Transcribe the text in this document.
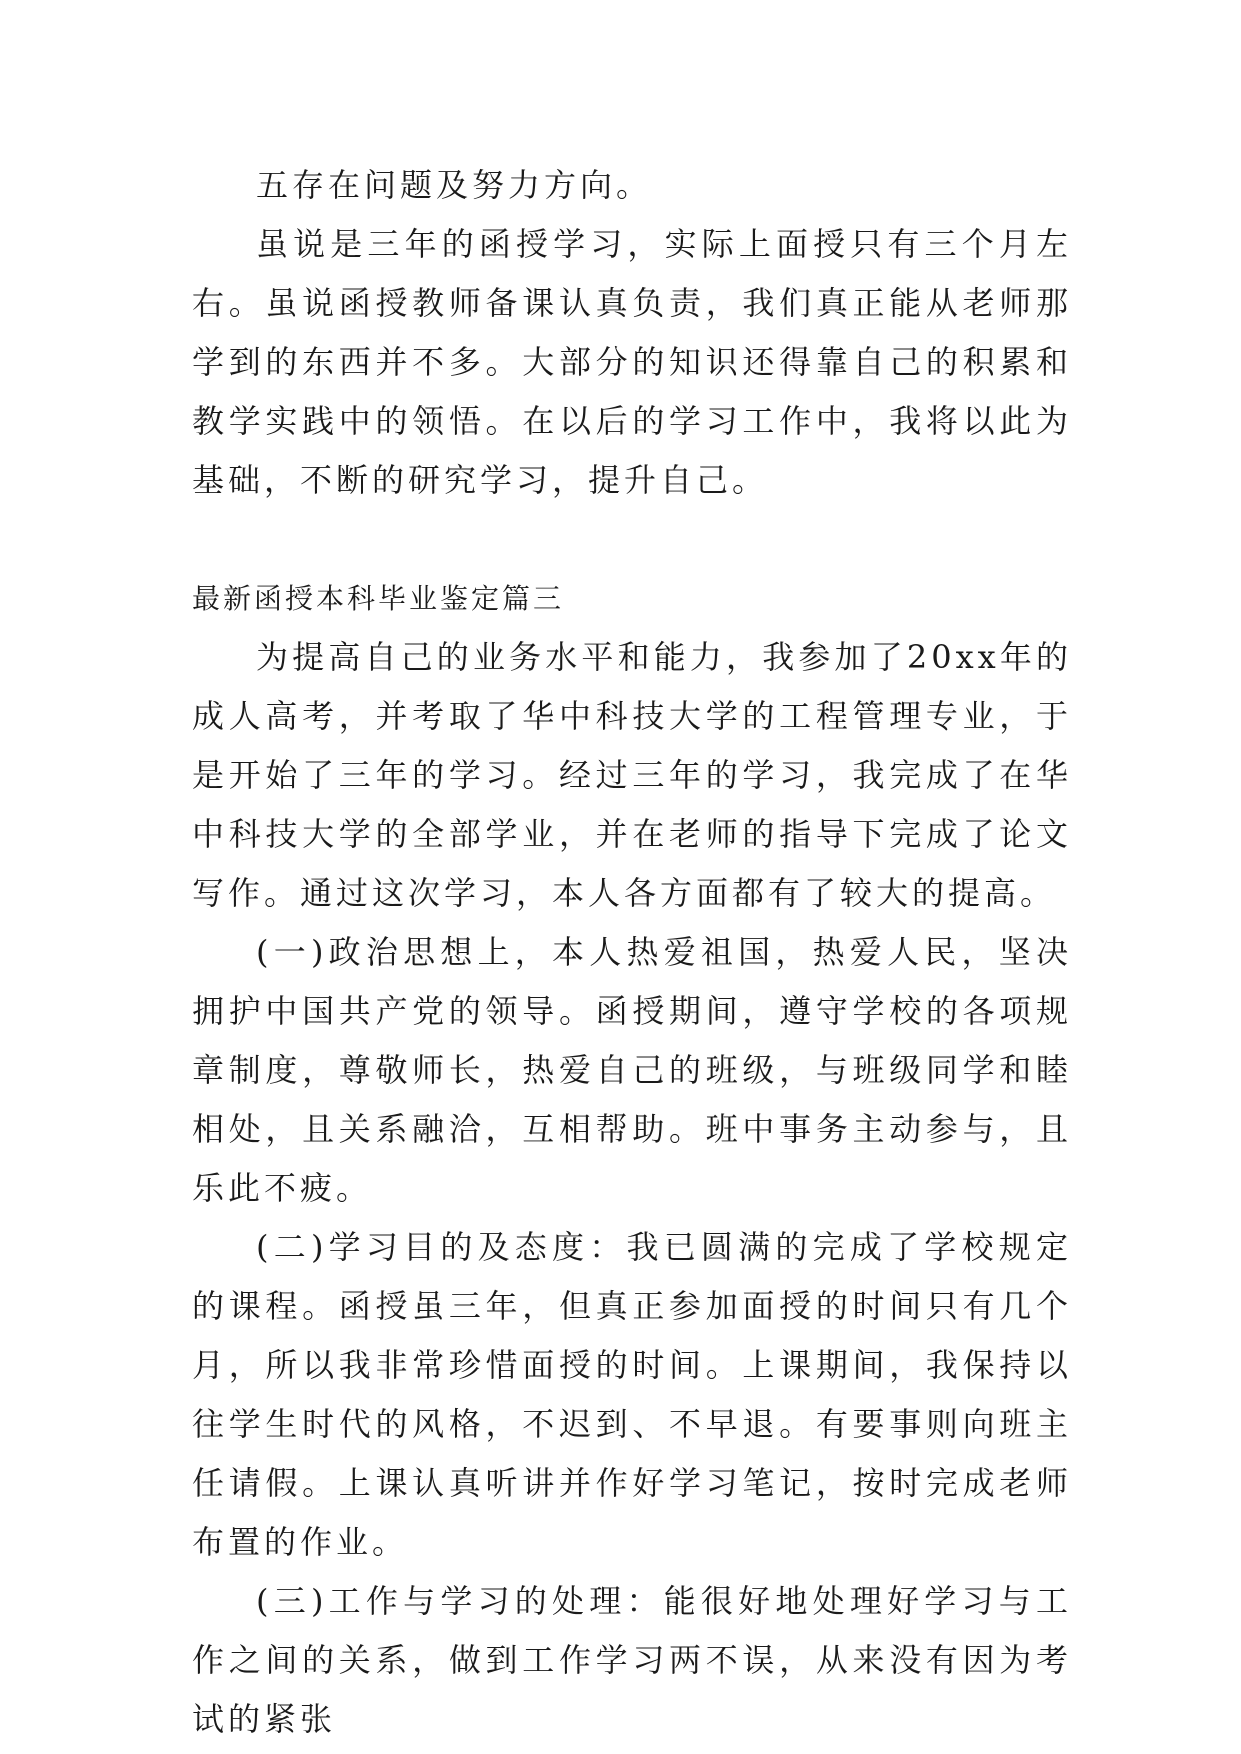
五存在问题及努力方向。

虽说是三年的函授学习，实际上面授只有三个月左右。虽说函授教师备课认真负责，我们真正能从老师那学到的东西并不多。大部分的知识还得靠自己的积累和教学实践中的领悟。在以后的学习工作中，我将以此为基础，不断的研究学习，提升自己。

最新函授本科毕业鉴定篇三

为提高自己的业务水平和能力，我参加了20xx年的成人高考，并考取了华中科技大学的工程管理专业，于是开始了三年的学习。经过三年的学习，我完成了在华中科技大学的全部学业，并在老师的指导下完成了论文写作。通过这次学习，本人各方面都有了较大的提高。

(一)政治思想上，本人热爱祖国，热爱人民，坚决拥护中国共产党的领导。函授期间，遵守学校的各项规章制度，尊敬师长，热爱自己的班级，与班级同学和睦相处，且关系融洽，互相帮助。班中事务主动参与，且乐此不疲。

(二)学习目的及态度：我已圆满的完成了学校规定的课程。函授虽三年，但真正参加面授的时间只有几个月，所以我非常珍惜面授的时间。上课期间，我保持以往学生时代的风格，不迟到、不早退。有要事则向班主任请假。上课认真听讲并作好学习笔记，按时完成老师布置的作业。

(三)工作与学习的处理：能很好地处理好学习与工作之间的关系，做到工作学习两不误，从来没有因为考试的紧张
